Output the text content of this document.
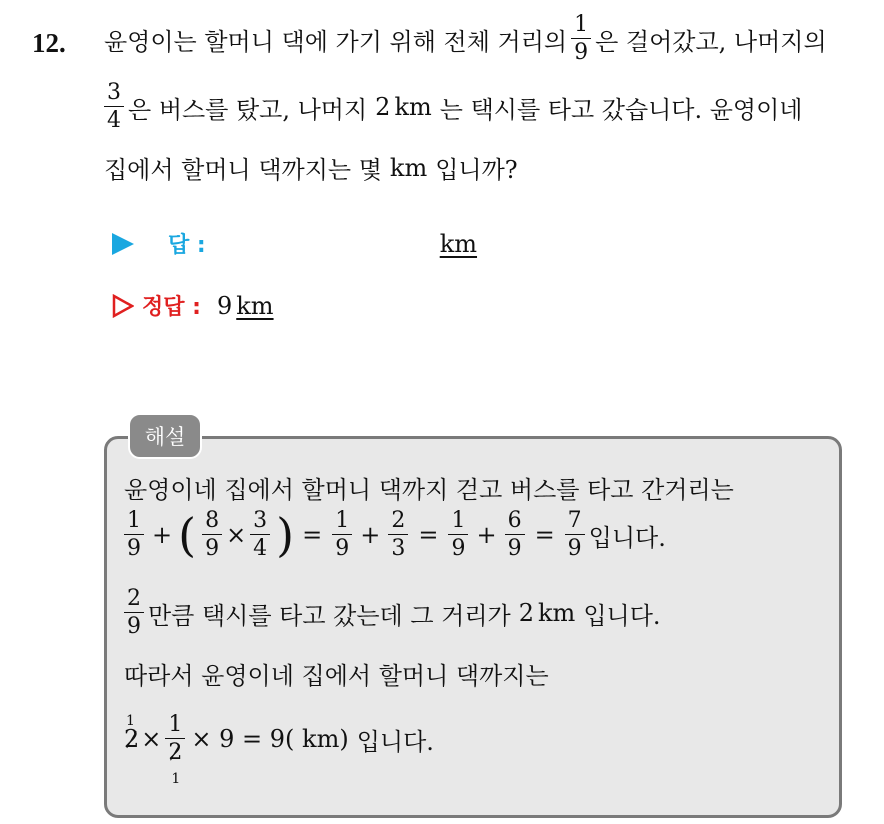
12. 윤영이는 할머니 댁에 가기 위해 전체 거리의 $\frac{1}{9}$ 은 걸어갔고, 나머지의
$\frac{3}{4}$ 은 버스를 탔고, 나머지 2 km 는 택시를 타고 갔습니다. 윤영이네
집에서 할머니 댁까지는 몇 km 입니까?
답 :	km
정답 : 9 km
해설
윤영이네 집에서 할머니 댁까지 걷고 버스를 타고 간거리는
$\frac{1}{9}$ + ( $\frac{8}{9} \times \frac{3}{4}$ ) = $\frac{1}{9} + \frac{2}{3} = \frac{1}{9} + \frac{6}{9} = \frac{7}{9}$ 입니다.
$\frac{2}{9}$ 만큼 택시를 타고 갔는데 그 거리가 2 km 입니다.
따라서 윤영이네 집에서 할머니 댁까지는
2
1
×
1
2
1
× 9 = 9( km) 입니다.
